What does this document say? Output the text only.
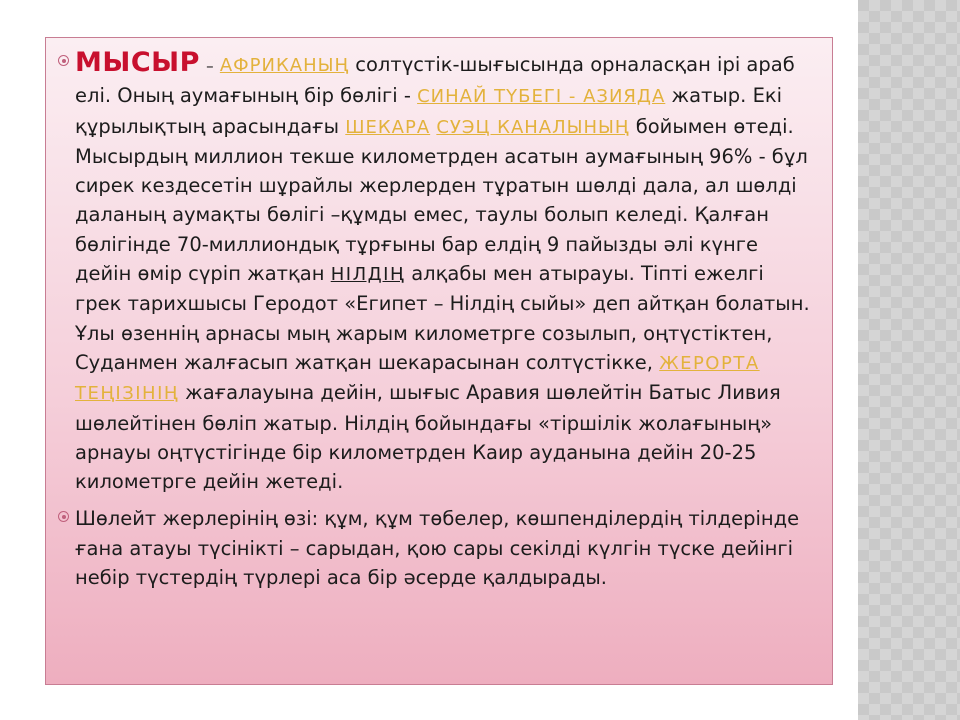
МЫСЫР – АФРИКАНЫҢ солтүстік-шығысында орналасқан ірі араб елі. Оның аумағының бір бөлігі - СИНАЙ ТҮБЕГІ - АЗИЯДА жатыр. Екі құрылықтың арасындағы ШЕКАРА СУЭЦ КАНАЛЫНЫҢ бойымен өтеді. Мысырдың миллион текше километрден асатын аумағының 96% - бұл сирек кездесетін шұрайлы жерлерден тұратын шөлді дала, ал шөлді даланың аумақты бөлігі –құмды емес, таулы болып келеді. Қалған бөлігінде 70-миллиондық тұрғыны бар елдің 9 пайызды әлі күнге дейін өмір сүріп жатқан НІЛДІҢ алқабы мен атырауы. Тіпті ежелгі грек тарихшысы Геродот «Египет – Нілдің сыйы» деп айтқан болатын. Ұлы өзеннің арнасы мың жарым километрге созылып, оңтүстіктен, Суданмен жалғасып жатқан шекарасынан солтүстікке, ЖЕРОРТА ТЕҢІЗІНІҢ жағалауына дейін, шығыс Аравия шөлейтін Батыс Ливия шөлейтінен бөліп жатыр. Нілдің бойындағы «тіршілік жолағының» арнауы оңтүстігінде бір километрден Каир ауданына дейін 20-25 километрге дейін жетеді.
Шөлейт жерлерінің өзі: құм, құм төбелер, көшпенділердің тілдерінде ғана атауы түсінікті – сарыдан, қою сары секілді күлгін түске дейінгі небір түстердің түрлері аса бір әсерде қалдырады.
